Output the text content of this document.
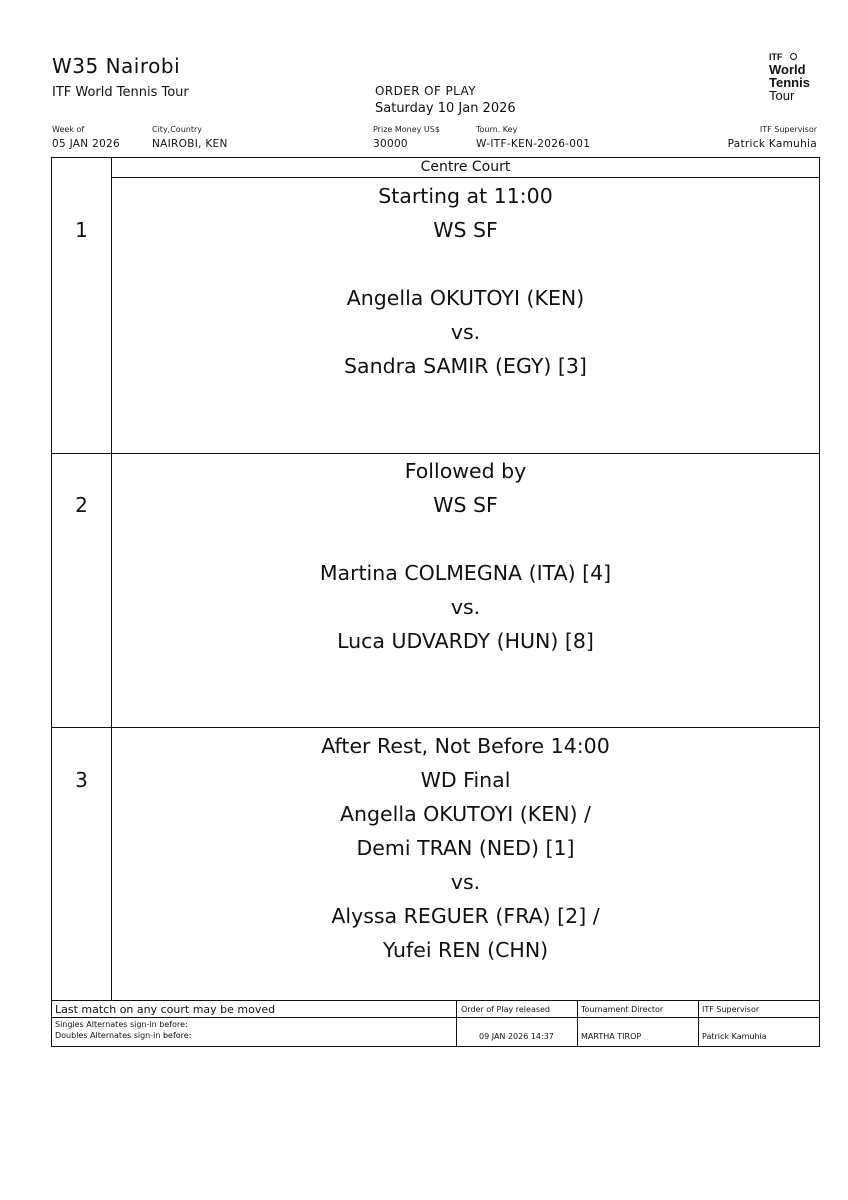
W35 Nairobi
ITF World Tennis Tour	ORDER OF PLAY
Saturday 10 Jan 2026
ITF
World
Tennis
Tour
Week of
05 JAN 2026
City,Country
NAIROBI, KEN
Prize Money US$
30000
Tourn. Key
W-ITF-KEN-2026-001
ITF Supervisor
Patrick Kamuhia
Centre Court
1
Starting at 11:00
WS SF
Angella OKUTOYI (KEN)
vs.
Sandra SAMIR (EGY) [3]
2
Followed by
WS SF
Martina COLMEGNA (ITA) [4]
vs.
Luca UDVARDY (HUN) [8]
3
After Rest, Not Before 14:00
WD Final
Angella OKUTOYI (KEN) /
Demi TRAN (NED) [1]
vs.
Alyssa REGUER (FRA) [2] /
Yufei REN (CHN)
Last match on any court may be moved
Singles Alternates sign-in before:
Doubles Alternates sign-in before:
Order of Play released
09 JAN 2026 14:37
Tournament Director
MARTHA TIROP
ITF Supervisor
Patrick Kamuhia
